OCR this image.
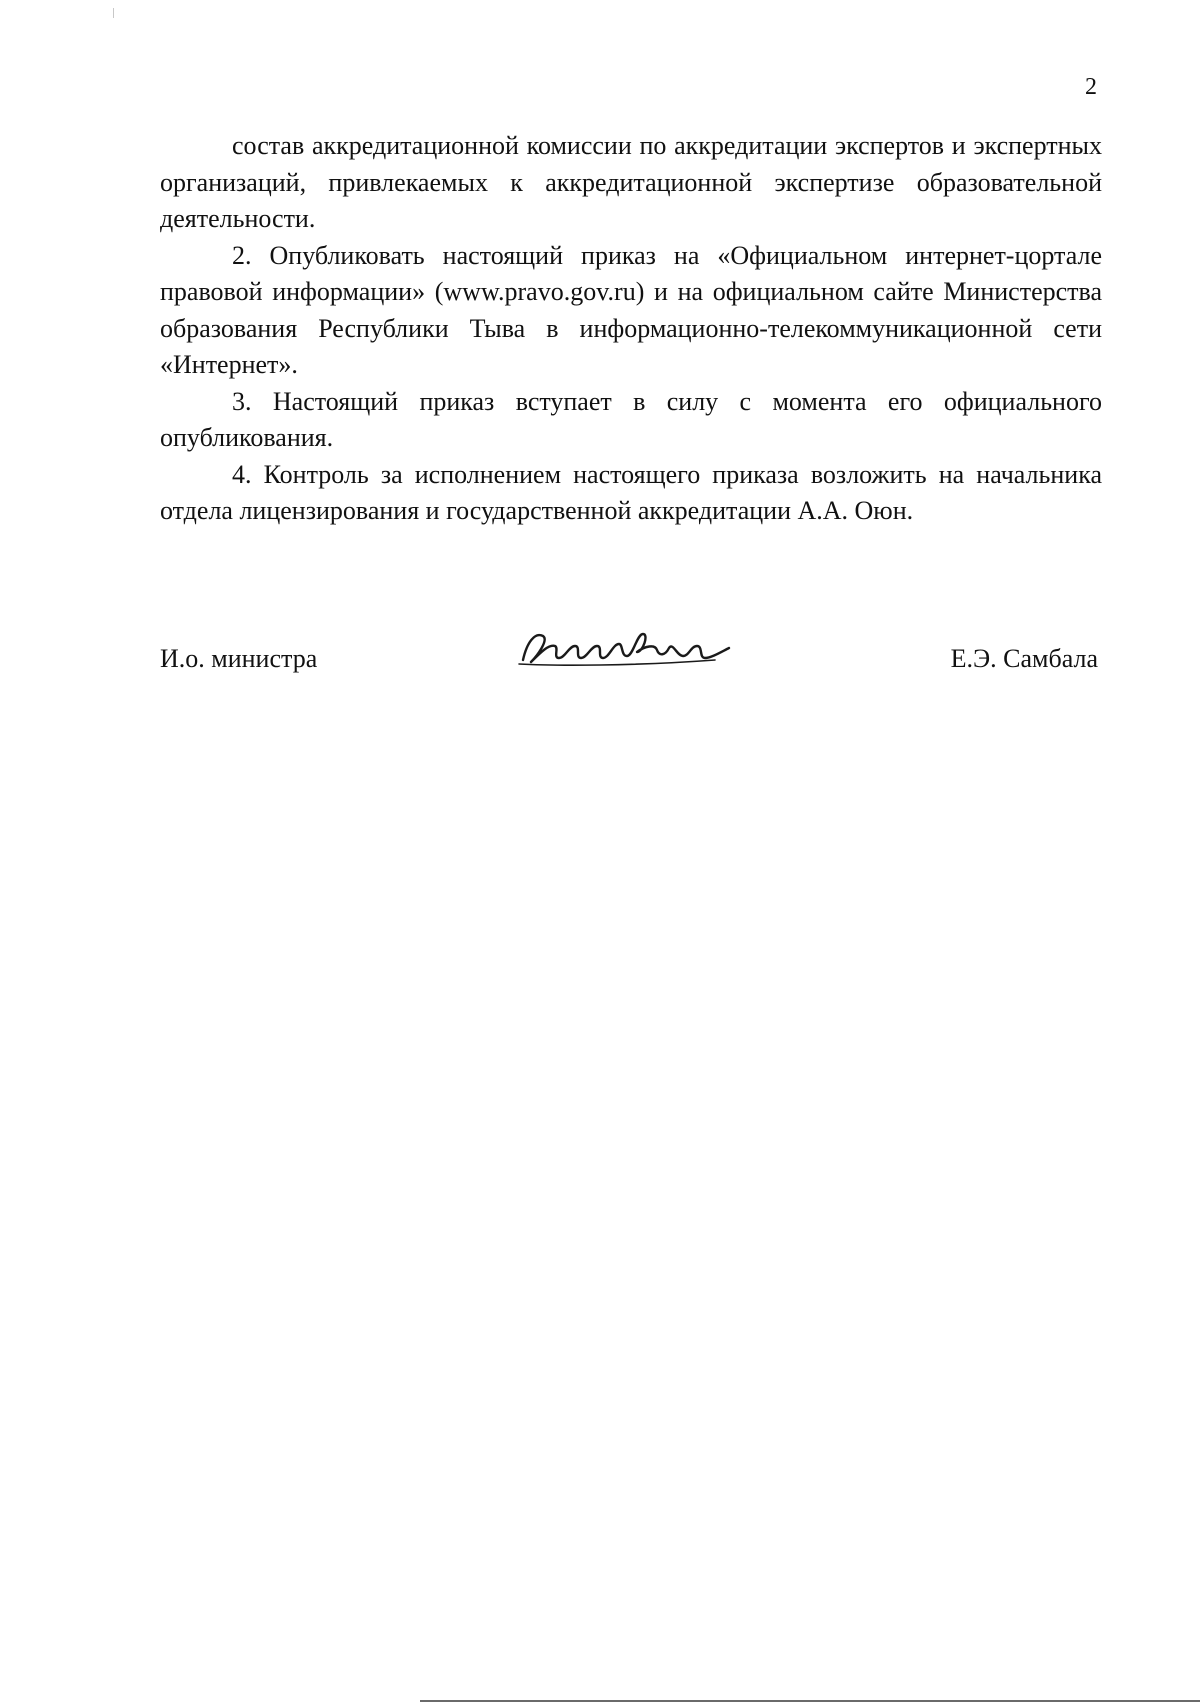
2

состав аккредитационной комиссии по аккредитации экспертов и экспертных организаций, привлекаемых к аккредитационной экспертизе образовательной деятельности.

2. Опубликовать настоящий приказ на «Официальном интернет-цортале правовой информации» (www.pravo.gov.ru) и на официальном сайте Министерства образования Республики Тыва в информационно-телекоммуникационной сети «Интернет».

3. Настоящий приказ вступает в силу с момента его официального опубликования.

4. Контроль за исполнением настоящего приказа возложить на начальника отдела лицензирования и государственной аккредитации А.А. Оюн.

И.о. министра	Е.Э. Самбала
